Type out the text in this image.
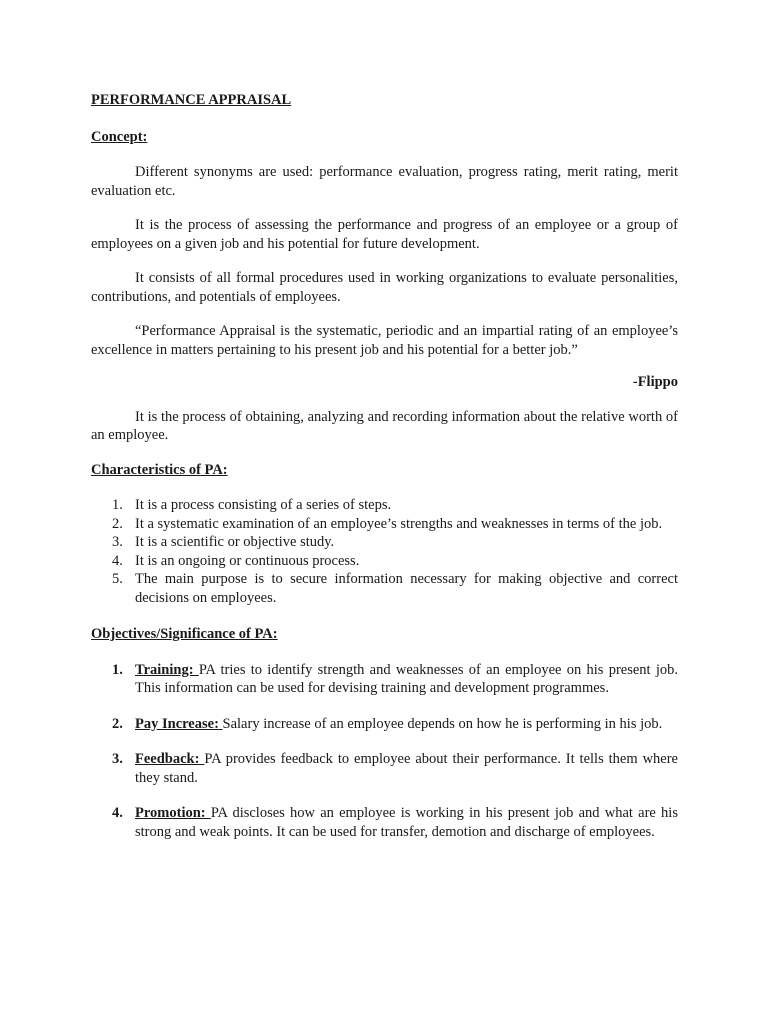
PERFORMANCE APPRAISAL
Concept:

Different synonyms are used: performance evaluation, progress rating, merit rating, merit evaluation etc.

It is the process of assessing the performance and progress of an employee or a group of employees on a given job and his potential for future development.

It consists of all formal procedures used in working organizations to evaluate personalities, contributions, and potentials of employees.

“Performance Appraisal is the systematic, periodic and an impartial rating of an employee’s excellence in matters pertaining to his present job and his potential for a better job.”

-Flippo

It is the process of obtaining, analyzing and recording information about the relative worth of an employee.

Characteristics of PA:
1. It is a process consisting of a series of steps.
2. It a systematic examination of an employee’s strengths and weaknesses in terms of the job.
3. It is a scientific or objective study.
4. It is an ongoing or continuous process.
5. The main purpose is to secure information necessary for making objective and correct decisions on employees.
Objectives/Significance of PA:
1. Training: PA tries to identify strength and weaknesses of an employee on his present job. This information can be used for devising training and development programmes.
2. Pay Increase: Salary increase of an employee depends on how he is performing in his job.
3. Feedback: PA provides feedback to employee about their performance. It tells them where they stand.
4. Promotion: PA discloses how an employee is working in his present job and what are his strong and weak points. It can be used for transfer, demotion and discharge of employees.
